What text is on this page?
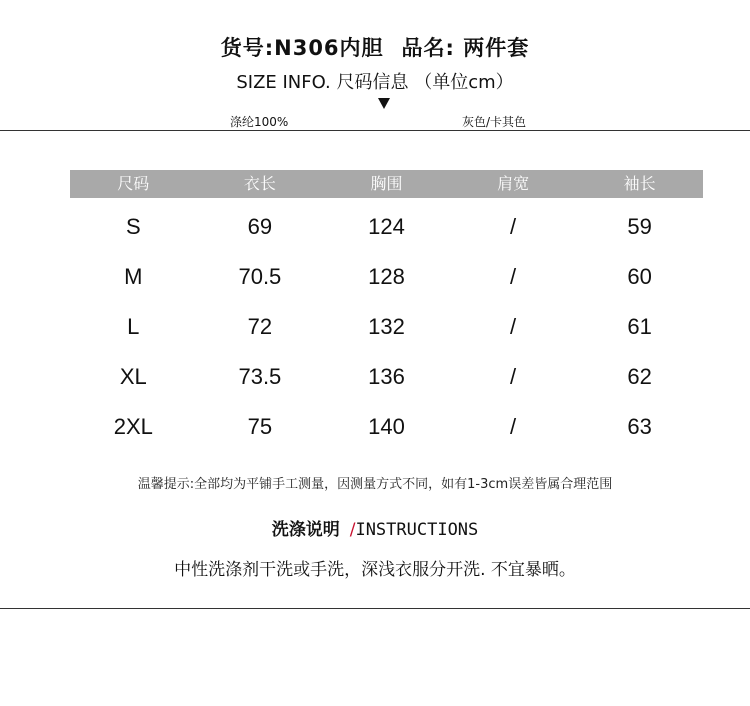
货号:N306内胆 品名: 两件套
SIZE INFO. 尺码信息 （单位cm）
涤纶100%	灰色/卡其色
尺码	衣长	胸围	肩宽	袖长
S	69	124	/	59
M	70.5	128	/	60
L	72	132	/	61
XL	73.5	136	/	62
2XL	75	140	/	63
温馨提示:全部均为平铺手工测量，因测量方式不同，如有1-3cm误差皆属合理范围
洗涤说明 /INSTRUCTIONS
中性洗涤剂干洗或手洗，深浅衣服分开洗. 不宜暴晒。
